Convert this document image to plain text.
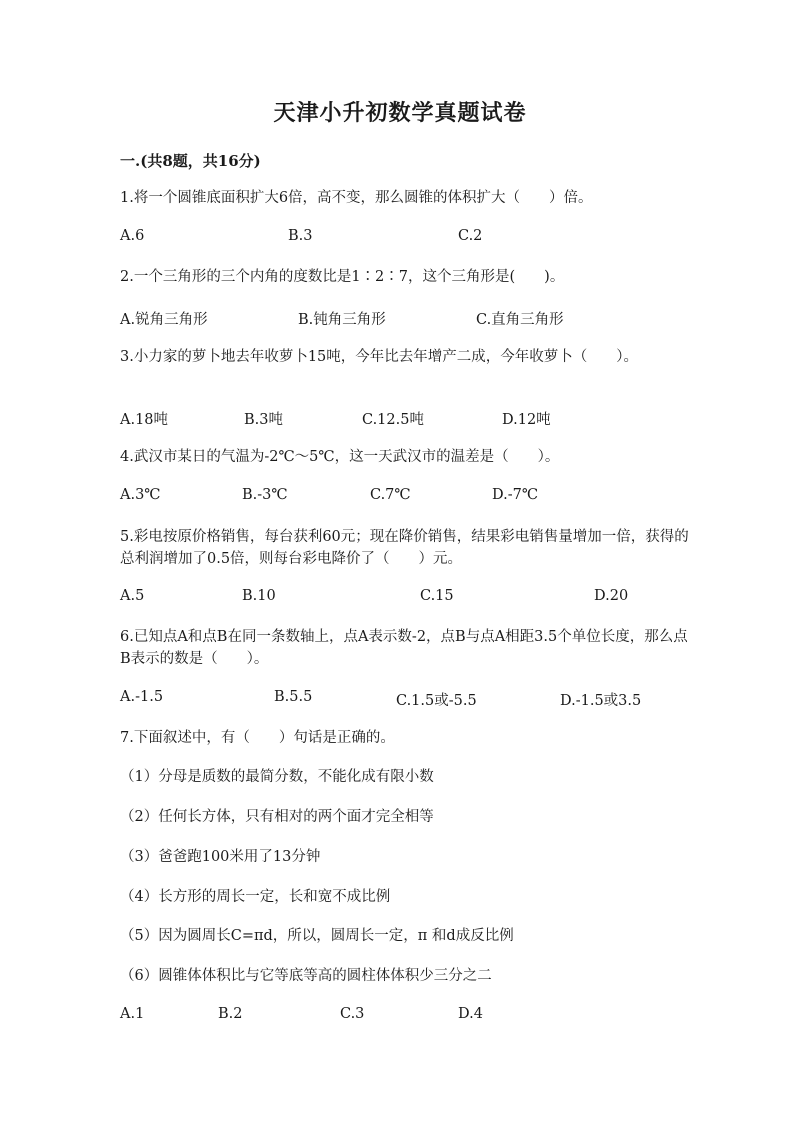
天津小升初数学真题试卷
一.(共8题，共16分)
1.将一个圆锥底面积扩大6倍，高不变，那么圆锥的体积扩大（　　）倍。
A.6	B.3	C.2
2.一个三角形的三个内角的度数比是1∶2∶7，这个三角形是(　　)。
A.锐角三角形	B.钝角三角形	C.直角三角形
3.小力家的萝卜地去年收萝卜15吨，今年比去年增产二成，今年收萝卜（　　）。
A.18吨	B.3吨	C.12.5吨	D.12吨
4.武汉市某日的气温为-2℃～5℃，这一天武汉市的温差是（　　）。
A.3℃	B.-3℃	C.7℃	D.-7℃
5.彩电按原价格销售，每台获利60元；现在降价销售，结果彩电销售量增加一倍，获得的总利润增加了0.5倍，则每台彩电降价了（　　）元。
A.5	B.10	C.15	D.20
6.已知点A和点B在同一条数轴上，点A表示数-2，点B与点A相距3.5个单位长度，那么点B表示的数是（　　）。
A.-1.5	B.5.5	C.1.5或-5.5	D.-1.5或3.5
7.下面叙述中，有（　　）句话是正确的。
（1）分母是质数的最简分数，不能化成有限小数
（2）任何长方体，只有相对的两个面才完全相等
（3）爸爸跑100米用了13分钟
（4）长方形的周长一定，长和宽不成比例
（5）因为圆周长C=πd，所以，圆周长一定，π 和d成反比例
（6）圆锥体体积比与它等底等高的圆柱体体积少三分之二
A.1	B.2	C.3	D.4
